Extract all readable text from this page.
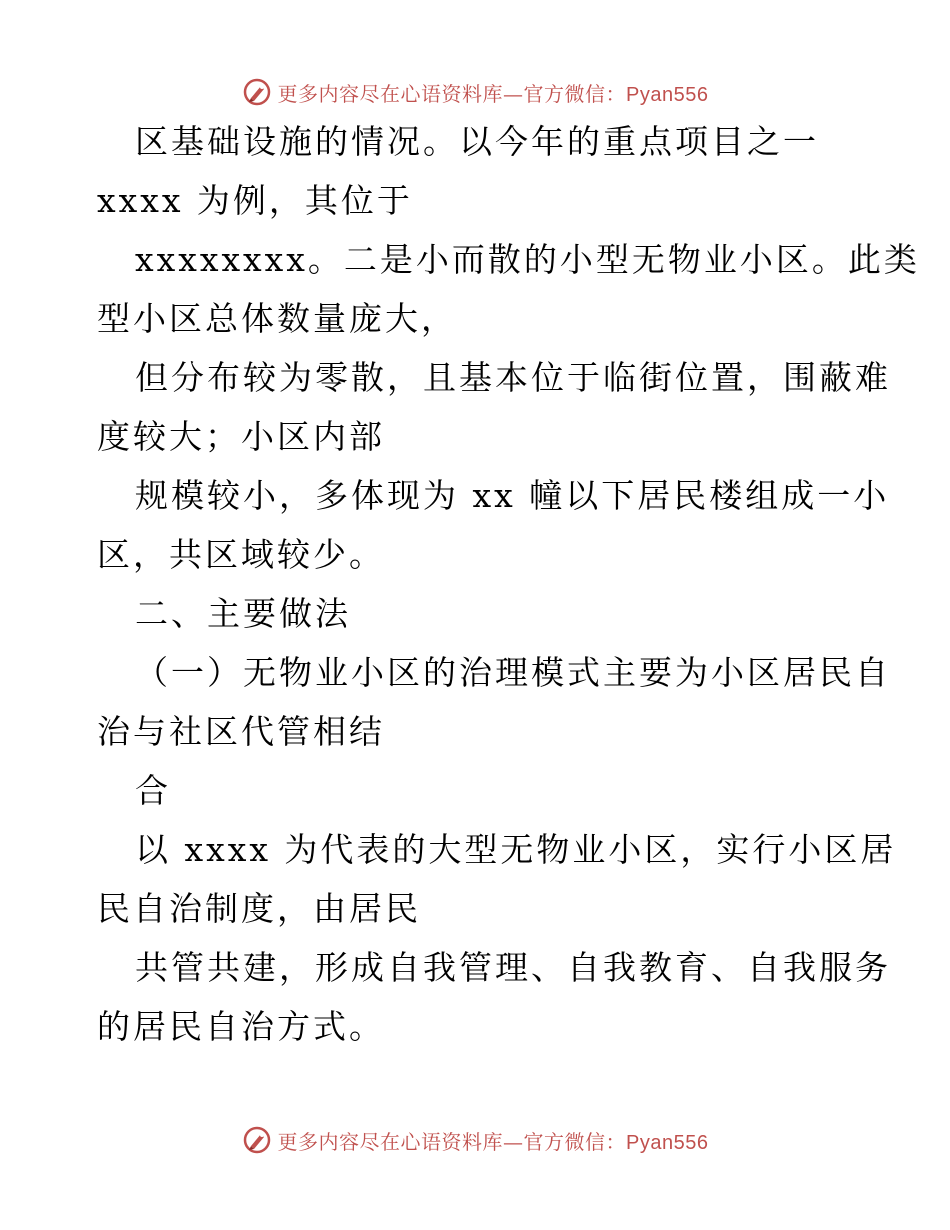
更多内容尽在心语资料库—官方微信：Pyan556
区基础设施的情况。以今年的重点项目之一
xxxx 为例，其位于
xxxxxxxx。二是小而散的小型无物业小区。此类
型小区总体数量庞大，
但分布较为零散，且基本位于临街位置，围蔽难
度较大；小区内部
规模较小，多体现为 xx 幢以下居民楼组成一小
区，共区域较少。
二、主要做法
（一）无物业小区的治理模式主要为小区居民自
治与社区代管相结
合
以 xxxx 为代表的大型无物业小区，实行小区居
民自治制度，由居民
共管共建，形成自我管理、自我教育、自我服务
的居民自治方式。
更多内容尽在心语资料库—官方微信：Pyan556
